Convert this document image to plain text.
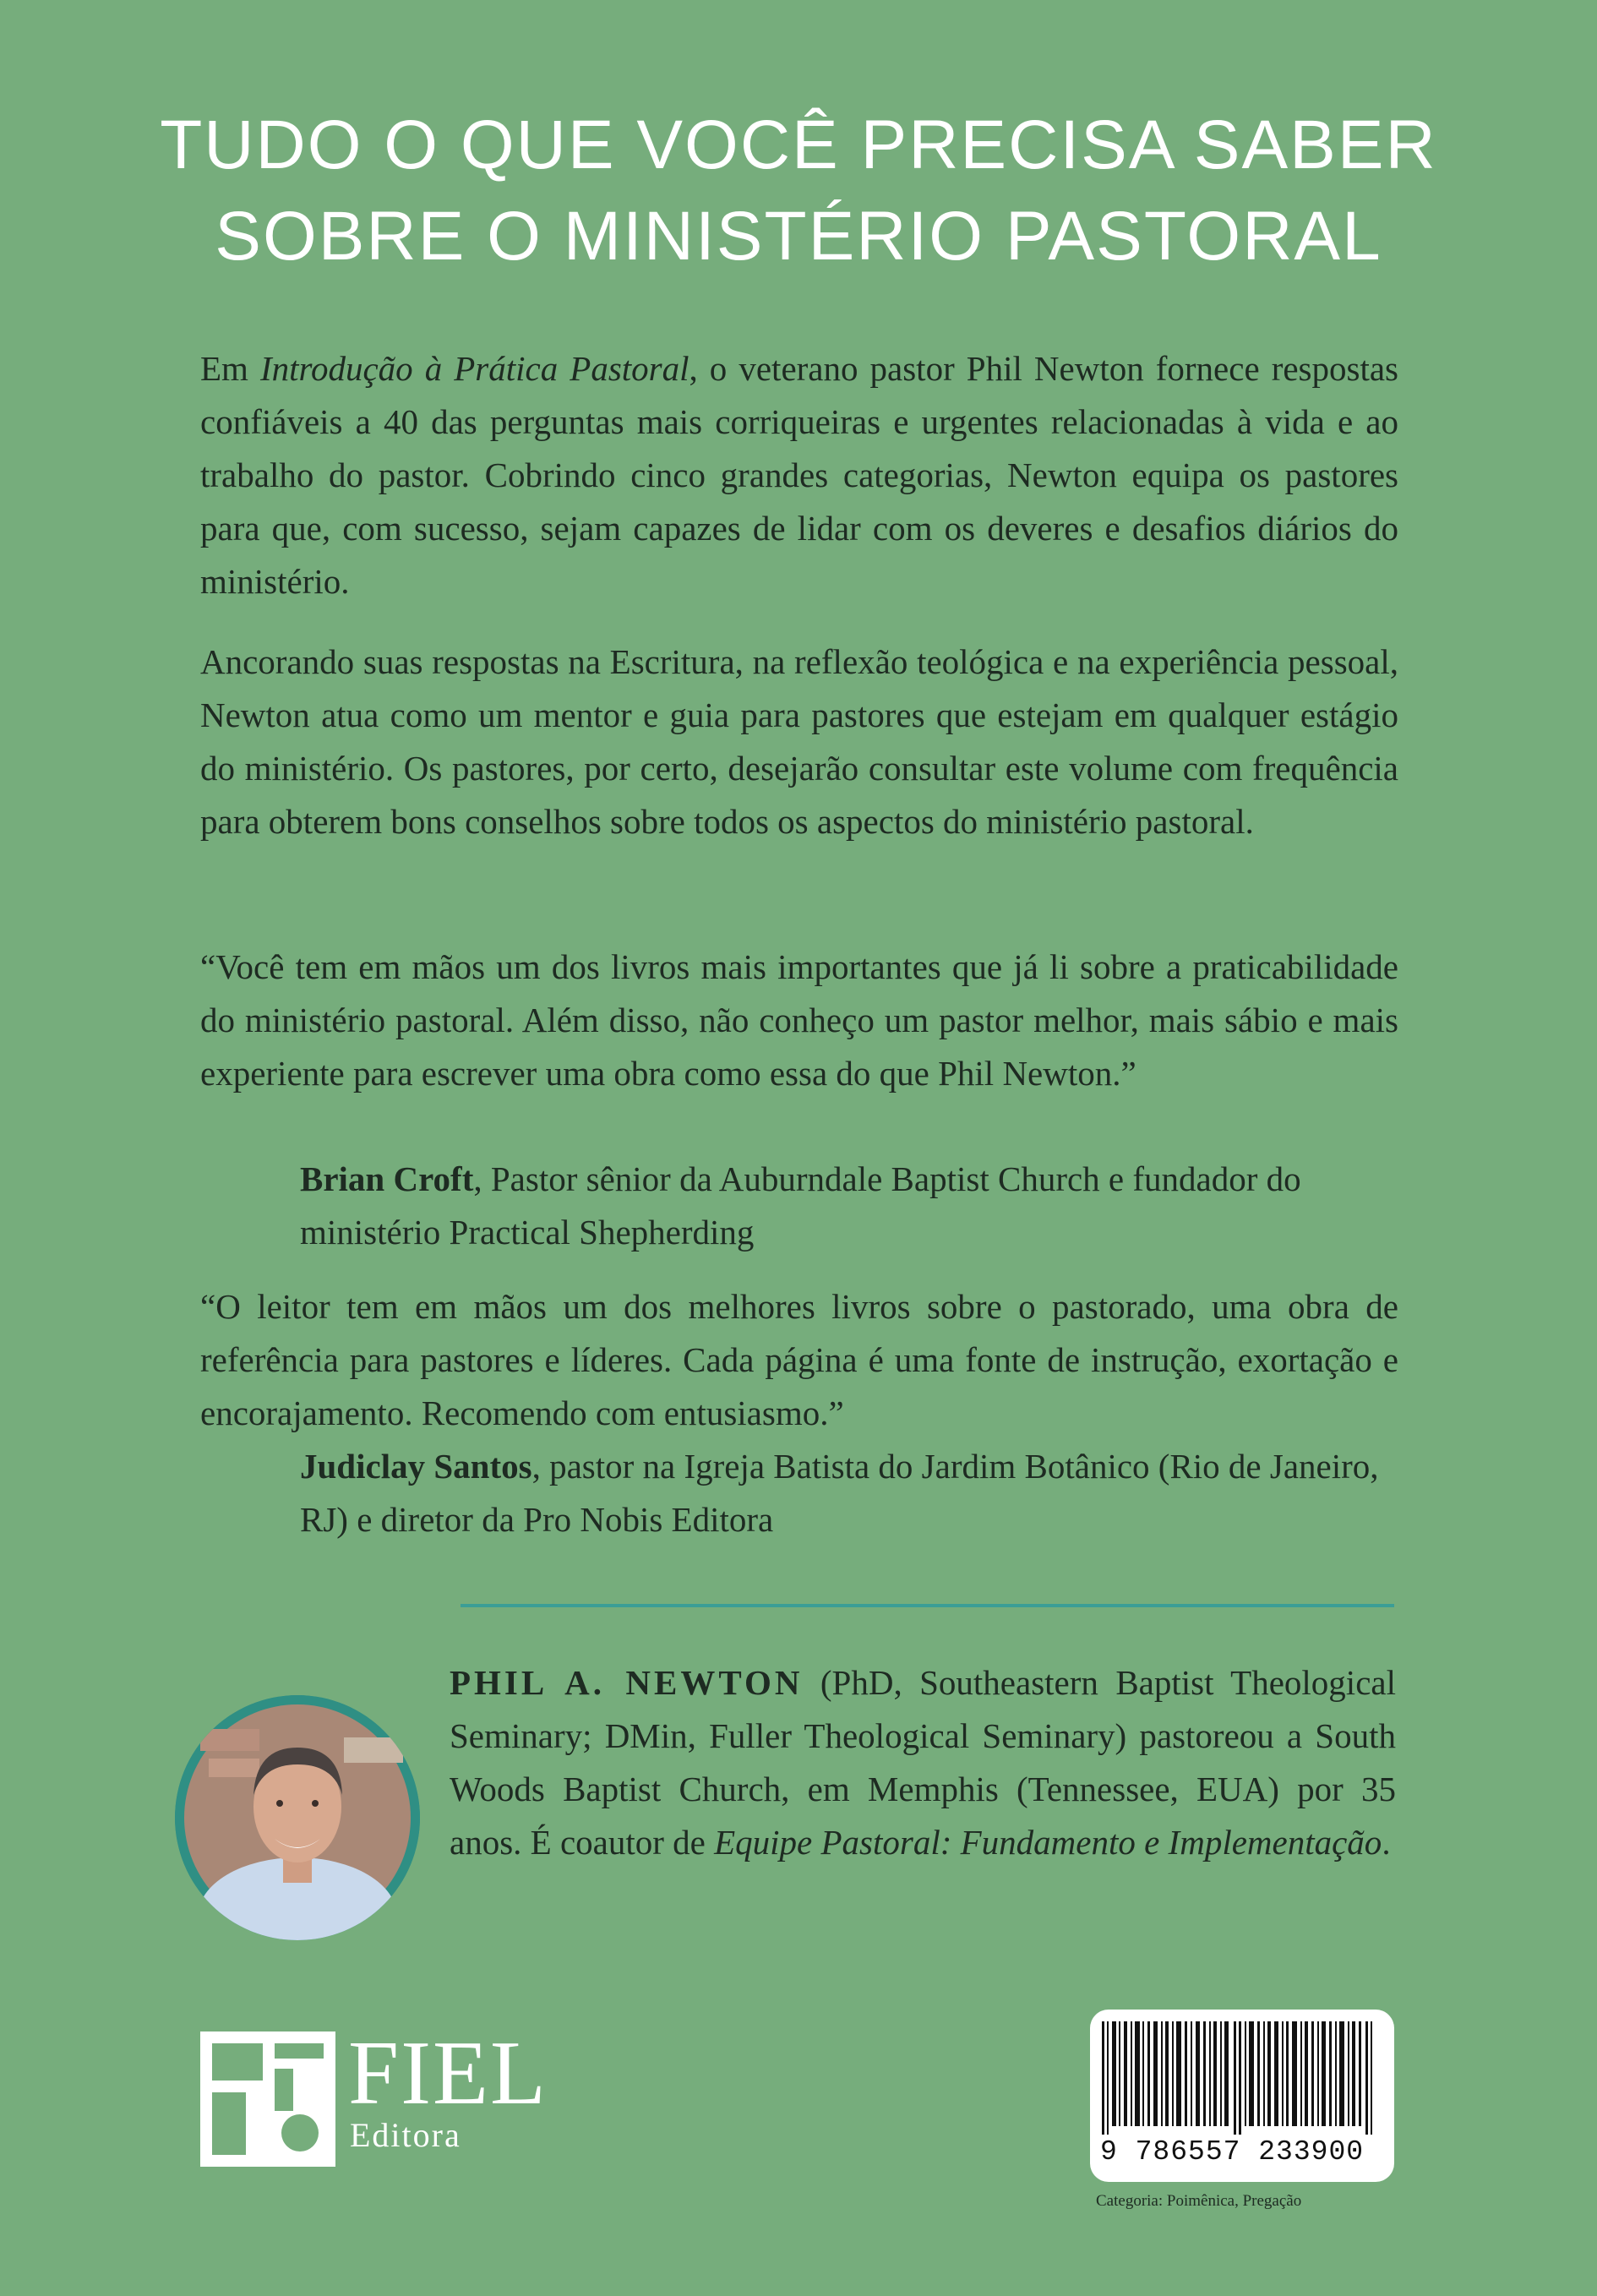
TUDO O QUE VOCÊ PRECISA SABER
SOBRE O MINISTÉRIO PASTORAL

Em Introdução à Prática Pastoral, o veterano pastor Phil Newton fornece respostas confiáveis a 40 das perguntas mais corriqueiras e urgentes relacionadas à vida e ao trabalho do pastor. Cobrindo cinco grandes categorias, Newton equipa os pastores para que, com sucesso, sejam capazes de lidar com os deveres e desafios diários do ministério.

Ancorando suas respostas na Escritura, na reflexão teológica e na experiência pessoal, Newton atua como um mentor e guia para pastores que estejam em qualquer estágio do ministério. Os pastores, por certo, desejarão consultar este volume com frequência para obterem bons conselhos sobre todos os aspectos do ministério pastoral.

“Você tem em mãos um dos livros mais importantes que já li sobre a praticabilidade do ministério pastoral. Além disso, não conheço um pastor melhor, mais sábio e mais experiente para escrever uma obra como essa do que Phil Newton.”

Brian Croft, Pastor sênior da Auburndale Baptist Church e fundador do ministério Practical Shepherding

“O leitor tem em mãos um dos melhores livros sobre o pastorado, uma obra de referência para pastores e líderes. Cada página é uma fonte de instrução, exortação e encorajamento. Recomendo com entusiasmo.”

Judiclay Santos, pastor na Igreja Batista do Jardim Botânico (Rio de Janeiro, RJ) e diretor da Pro Nobis Editora
PHIL A. NEWTON (PhD, Southeastern Baptist Theological Seminary; DMin, Fuller Theological Seminary) pastoreou a South Woods Baptist Church, em Memphis (Tennessee, EUA) por 35 anos. É coautor de Equipe Pastoral: Fundamento e Implementação.
FIEL
Editora	9 786557 233900
Categoria: Poimênica, Pregação
